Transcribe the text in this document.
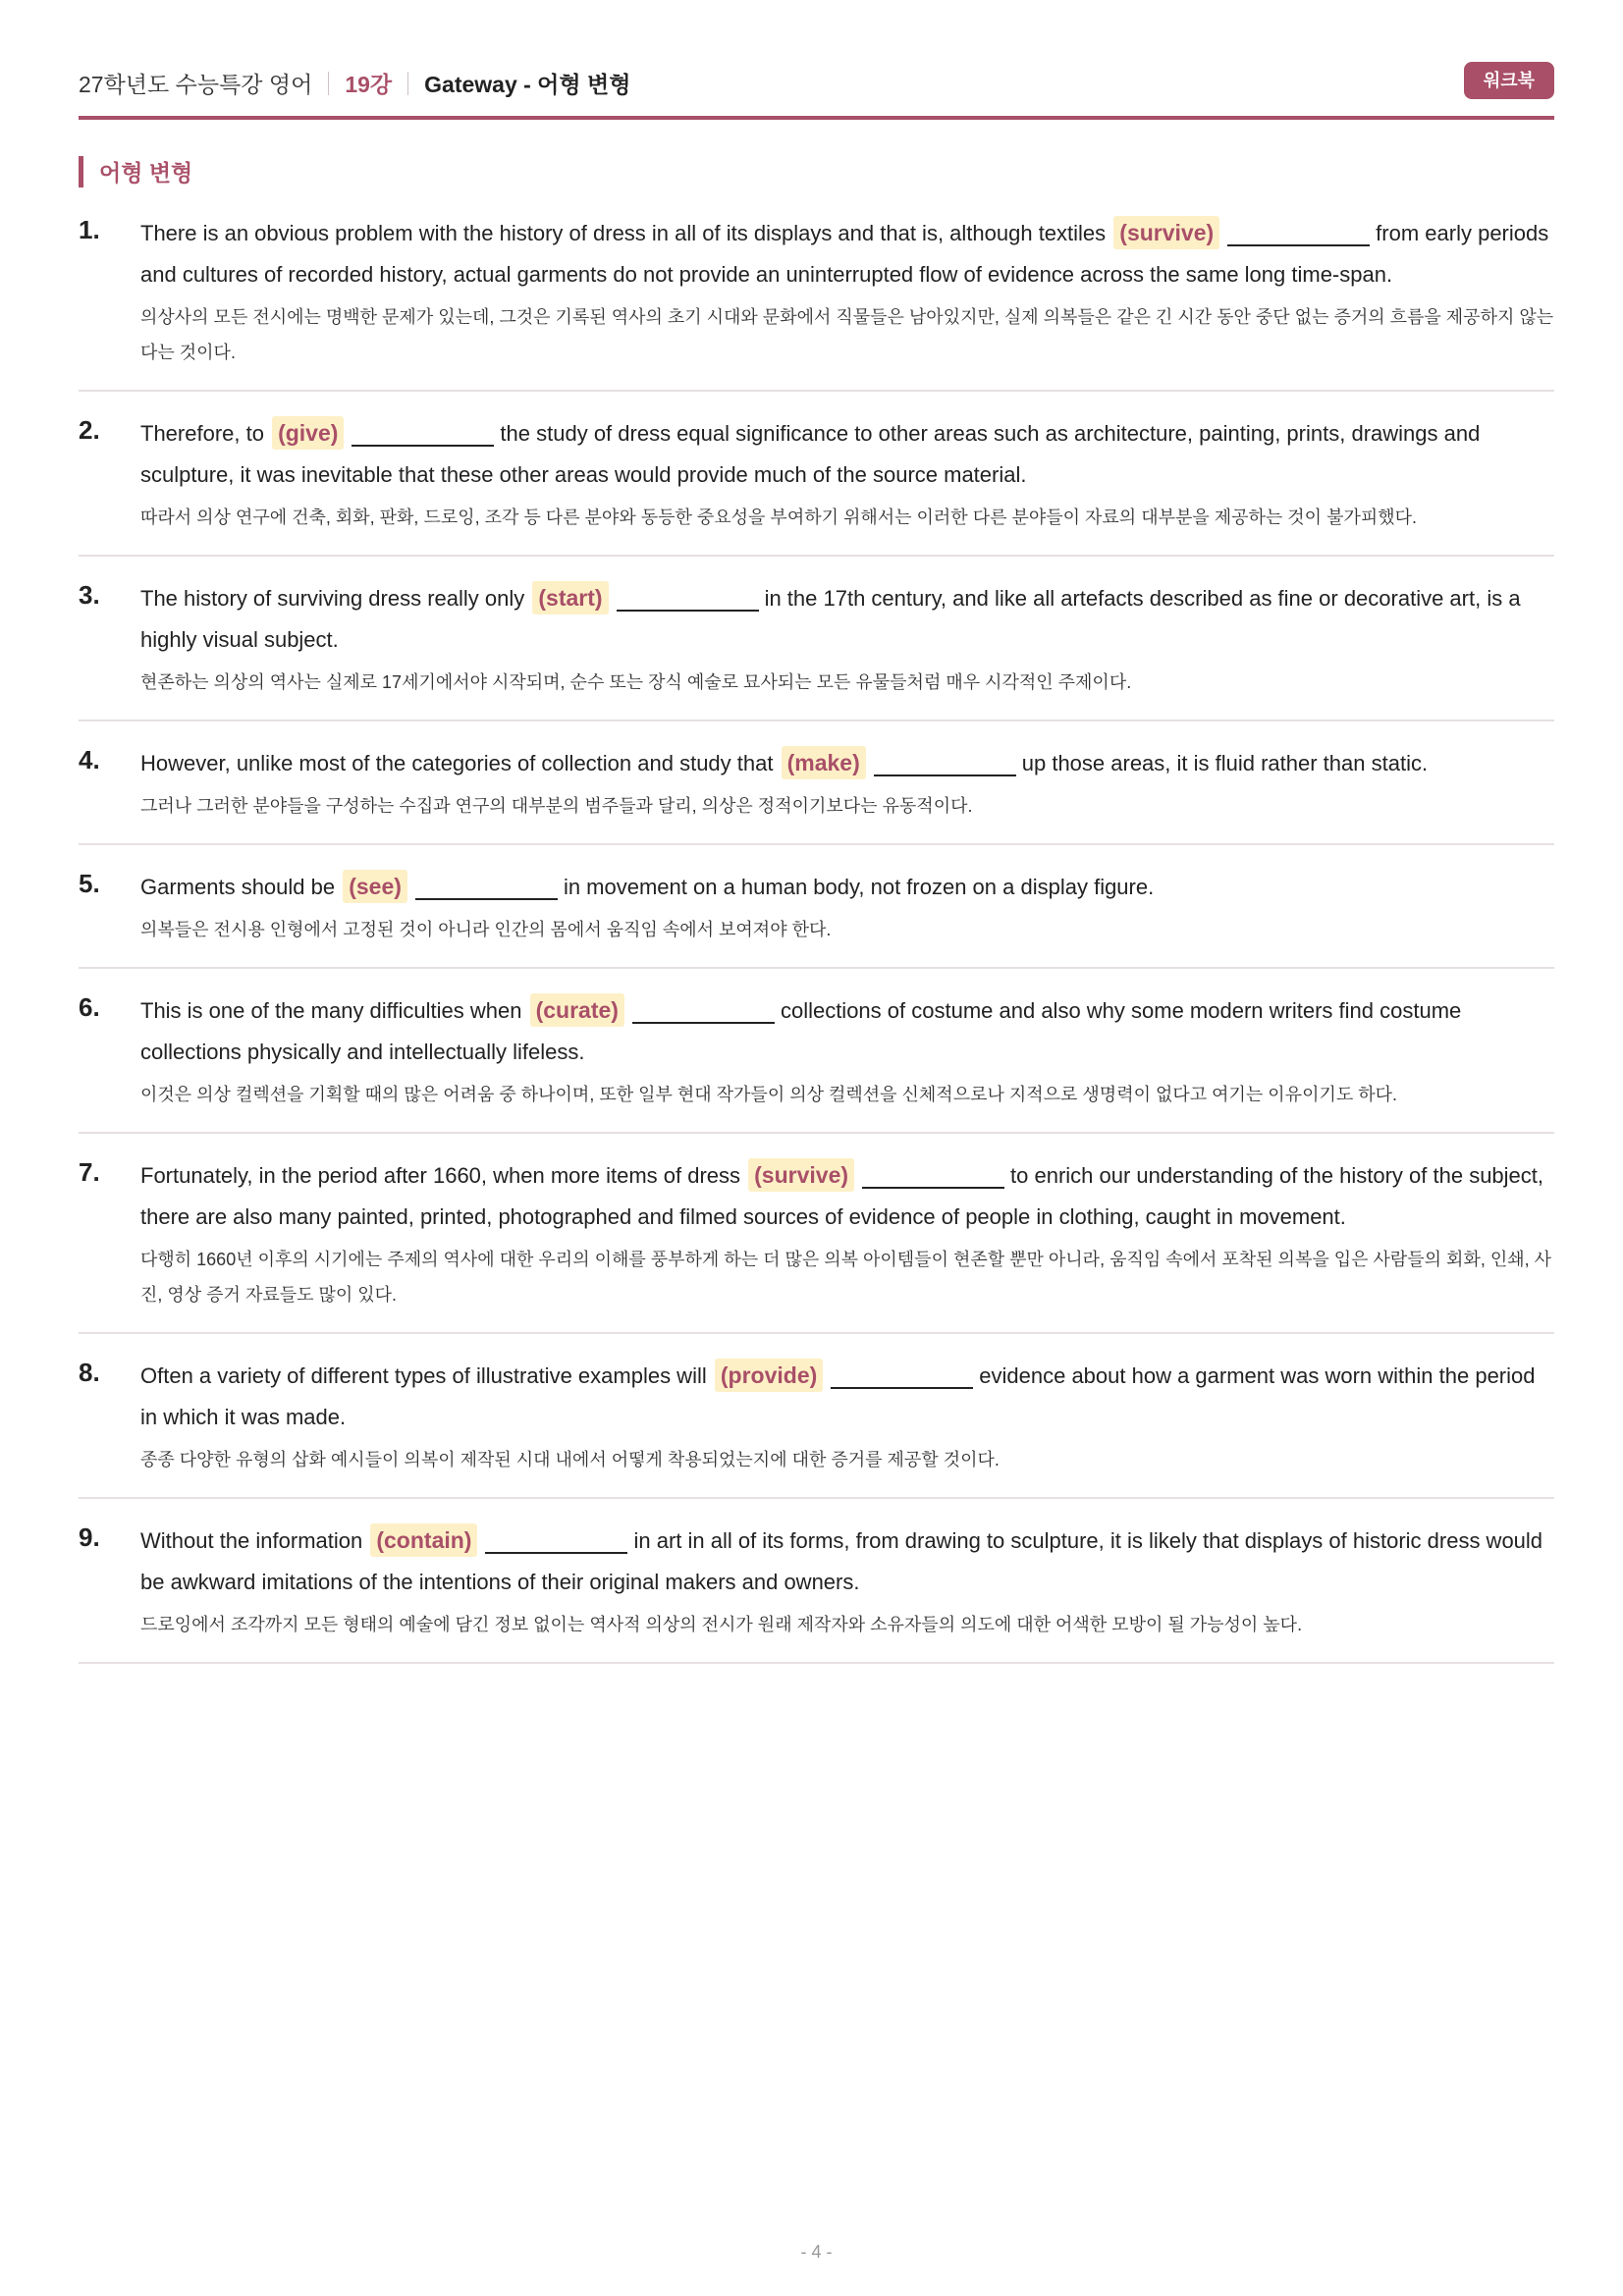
27학년도 수능특강 영어 19강 Gateway - 어형 변형	워크북
어형 변형
1. There is an obvious problem with the history of dress in all of its displays and that is, although textiles (survive)	from early periods and cultures of recorded history, actual garments do not provide an uninterrupted flow of evidence across the same long time-span.
의상사의 모든 전시에는 명백한 문제가 있는데, 그것은 기록된 역사의 초기 시대와 문화에서 직물들은 남아있지만, 실제 의복들은 같은 긴 시간 동안 중단 없는 증거의 흐름을 제공하지 않는다는 것이다.
2. Therefore, to (give)	the study of dress equal significance to other areas such as architecture, painting, prints, drawings and sculpture, it was inevitable that these other areas would provide much of the source material.
따라서 의상 연구에 건축, 회화, 판화, 드로잉, 조각 등 다른 분야와 동등한 중요성을 부여하기 위해서는 이러한 다른 분야들이 자료의 대부분을 제공하는 것이 불가피했다.
3. The history of surviving dress really only (start)	in the 17th century, and like all artefacts described as fine or decorative art, is a highly visual subject.
현존하는 의상의 역사는 실제로 17세기에서야 시작되며, 순수 또는 장식 예술로 묘사되는 모든 유물들처럼 매우 시각적인 주제이다.
4. However, unlike most of the categories of collection and study that (make)	up those areas, it is fluid rather than static.
그러나 그러한 분야들을 구성하는 수집과 연구의 대부분의 범주들과 달리, 의상은 정적이기보다는 유동적이다.
5. Garments should be (see)	in movement on a human body, not frozen on a display figure.
의복들은 전시용 인형에서 고정된 것이 아니라 인간의 몸에서 움직임 속에서 보여져야 한다.
6. This is one of the many difficulties when (curate)	collections of costume and also why some modern writers find costume collections physically and intellectually lifeless.
이것은 의상 컬렉션을 기획할 때의 많은 어려움 중 하나이며, 또한 일부 현대 작가들이 의상 컬렉션을 신체적으로나 지적으로 생명력이 없다고 여기는 이유이기도 하다.
7. Fortunately, in the period after 1660, when more items of dress (survive)	to enrich our understanding of the history of the subject, there are also many painted, printed, photographed and filmed sources of evidence of people in clothing, caught in movement.
다행히 1660년 이후의 시기에는 주제의 역사에 대한 우리의 이해를 풍부하게 하는 더 많은 의복 아이템들이 현존할 뿐만 아니라, 움직임 속에서 포착된 의복을 입은 사람들의 회화, 인쇄, 사진, 영상 증거 자료들도 많이 있다.
8. Often a variety of different types of illustrative examples will (provide)	evidence about how a garment was worn within the period in which it was made.
종종 다양한 유형의 삽화 예시들이 의복이 제작된 시대 내에서 어떻게 착용되었는지에 대한 증거를 제공할 것이다.
9. Without the information (contain)	in art in all of its forms, from drawing to sculpture, it is likely that displays of historic dress would be awkward imitations of the intentions of their original makers and owners.
드로잉에서 조각까지 모든 형태의 예술에 담긴 정보 없이는 역사적 의상의 전시가 원래 제작자와 소유자들의 의도에 대한 어색한 모방이 될 가능성이 높다.
- 4 -
